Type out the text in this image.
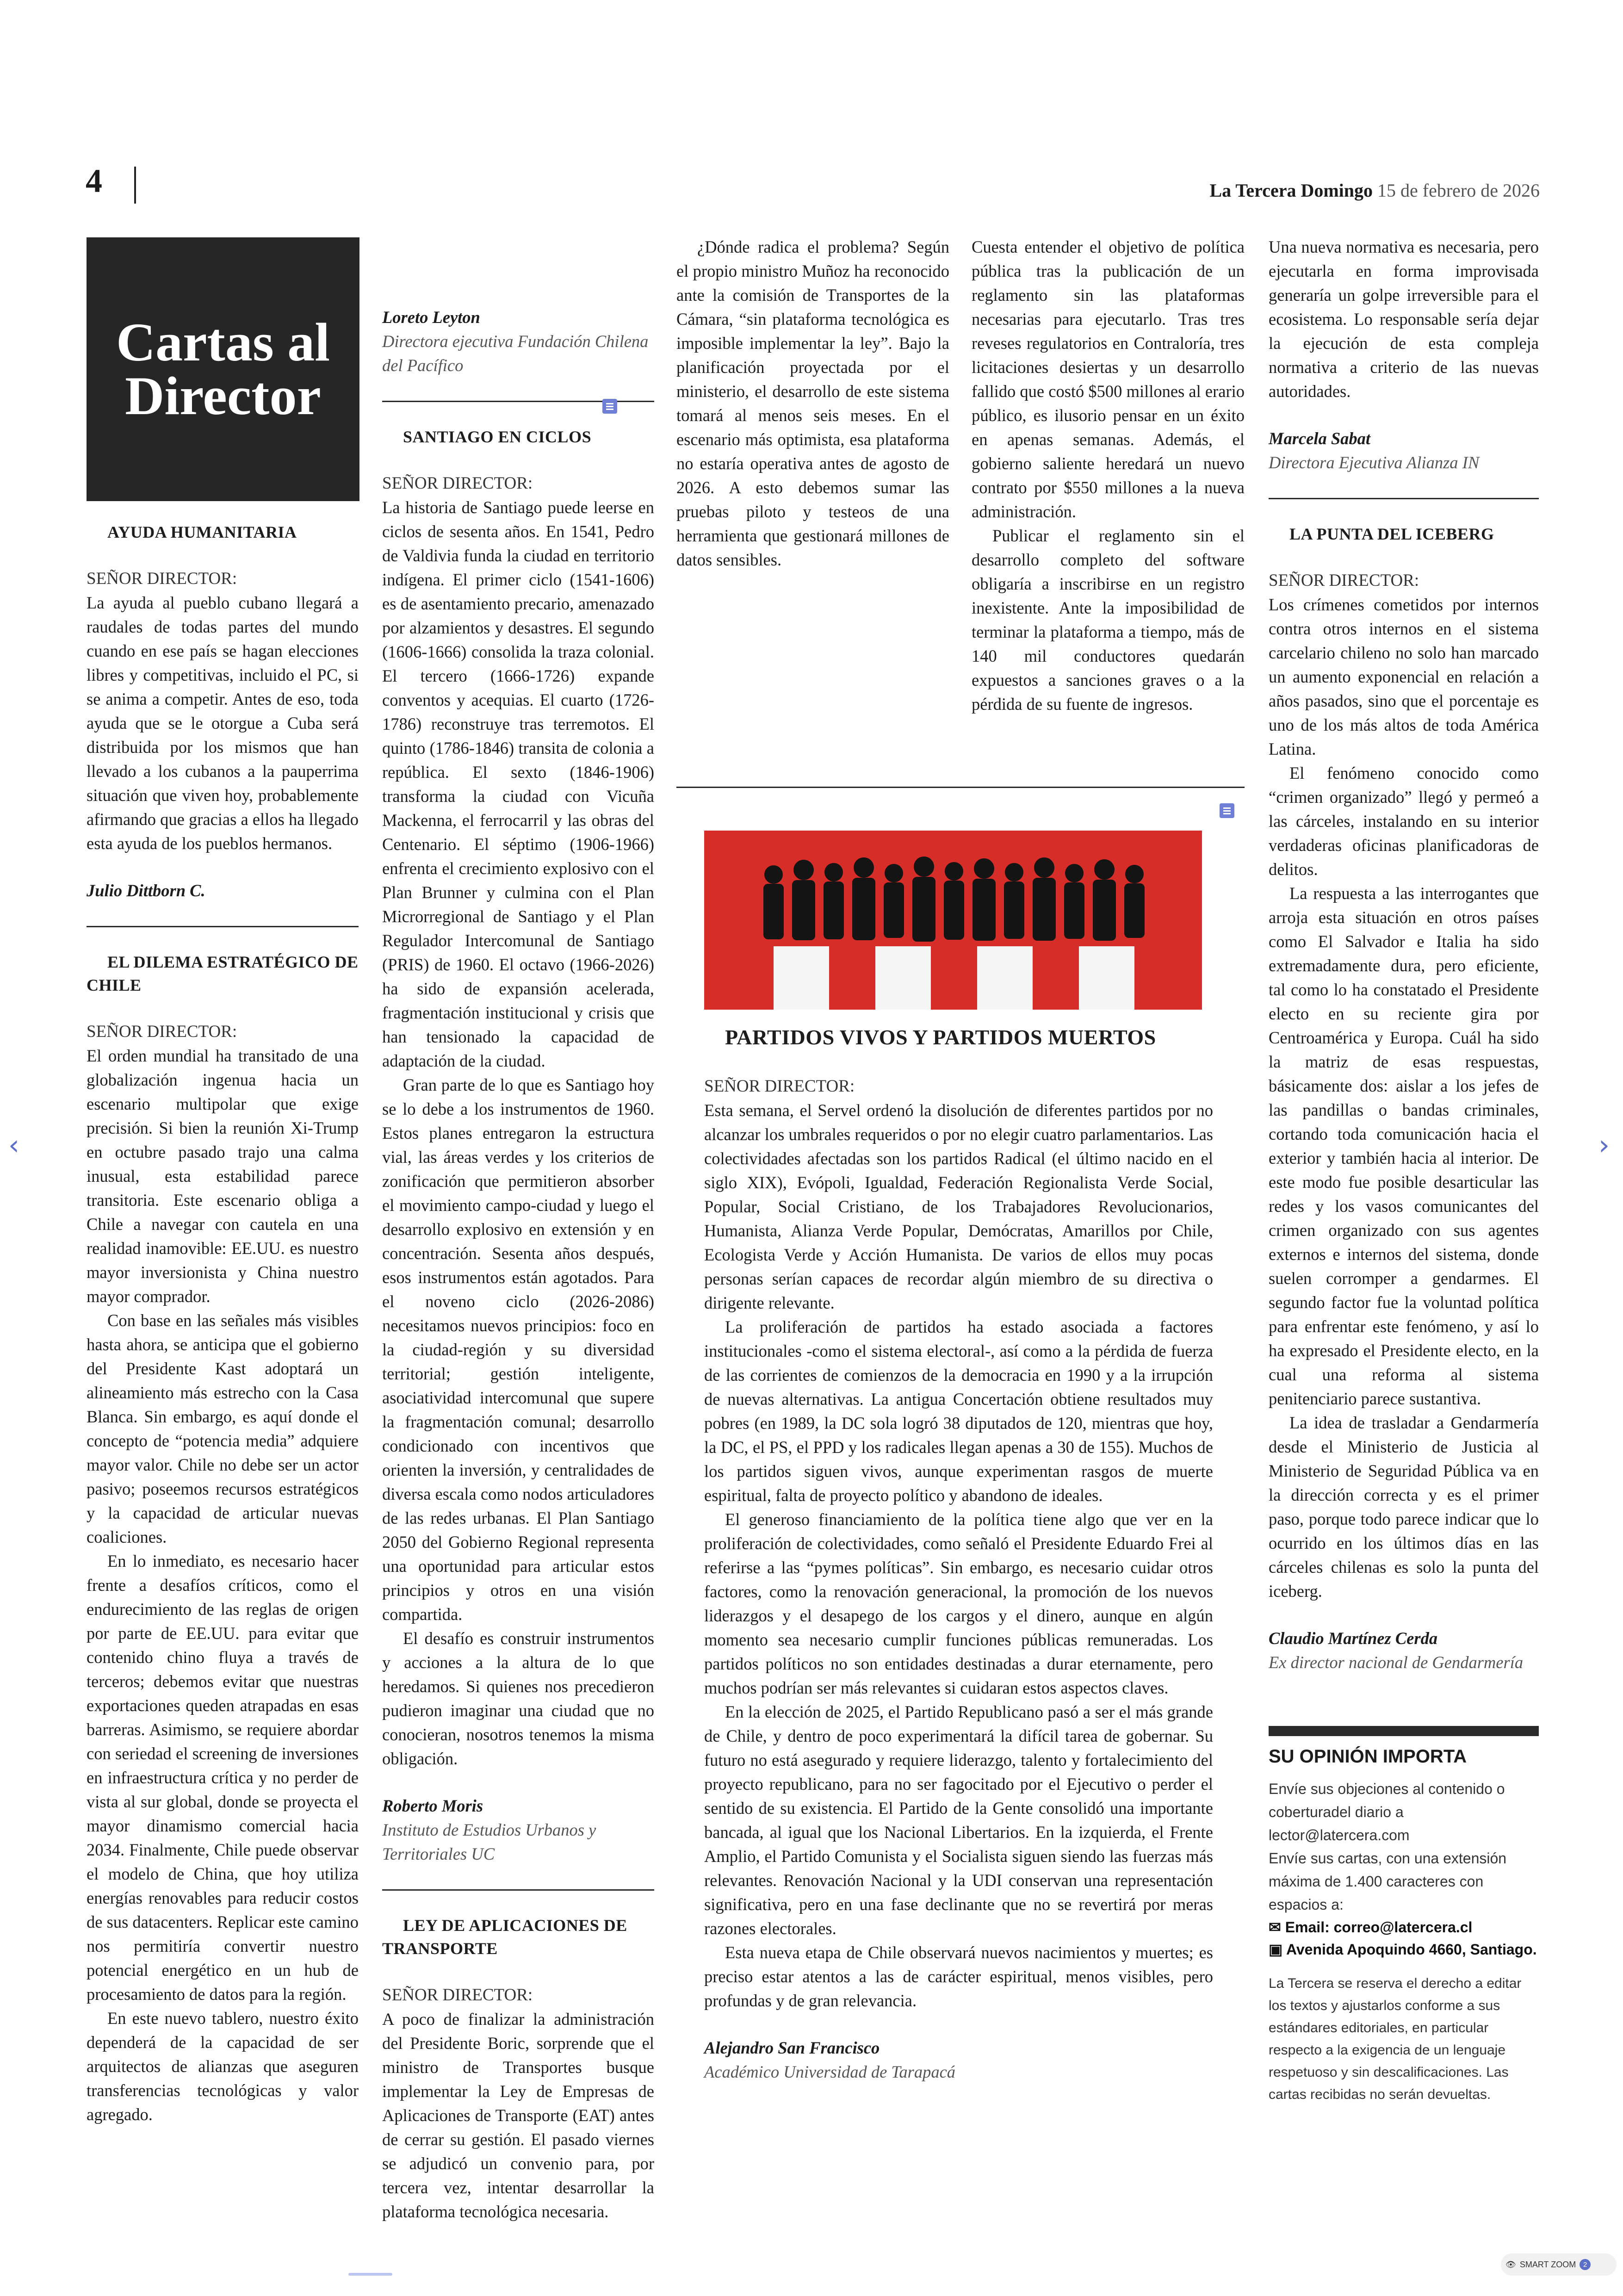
4	La Tercera Domingo 15 de febrero de 2026
Cartas al
Director

AYUDA HUMANITARIA

SEÑOR DIRECTOR:

La ayuda al pueblo cubano llegará a raudales de todas partes del mundo cuando en ese país se hagan elecciones libres y competitivas, incluido el PC, si se anima a competir. Antes de eso, toda ayuda que se le otorgue a Cuba será distribuida por los mismos que han llevado a los cubanos a la pauperrima situación que viven hoy, probablemente afirmando que gracias a ellos ha llegado esta ayuda de los pueblos hermanos.

Julio Dittborn C.

EL DILEMA ESTRATÉGICO DE CHILE

SEÑOR DIRECTOR:

El orden mundial ha transitado de una globalización ingenua hacia un escenario multipolar que exige precisión. Si bien la reunión Xi-Trump en octubre pasado trajo una calma inusual, esta estabilidad parece transitoria. Este escenario obliga a Chile a navegar con cautela en una realidad inamovible: EE.UU. es nuestro mayor inversionista y China nuestro mayor comprador.

Con base en las señales más visibles hasta ahora, se anticipa que el gobierno del Presidente Kast adoptará un alineamiento más estrecho con la Casa Blanca. Sin embargo, es aquí donde el concepto de “potencia media” adquiere mayor valor. Chile no debe ser un actor pasivo; poseemos recursos estratégicos y la capacidad de articular nuevas coaliciones.

En lo inmediato, es necesario hacer frente a desafíos críticos, como el endurecimiento de las reglas de origen por parte de EE.UU. para evitar que contenido chino fluya a través de terceros; debemos evitar que nuestras exportaciones queden atrapadas en esas barreras. Asimismo, se requiere abordar con seriedad el screening de inversiones en infraestructura crítica y no perder de vista al sur global, donde se proyecta el mayor dinamismo comercial hacia 2034. Finalmente, Chile puede observar el modelo de China, que hoy utiliza energías renovables para reducir costos de sus datacenters. Replicar este camino nos permitiría convertir nuestro potencial energético en un hub de procesamiento de datos para la región.

En este nuevo tablero, nuestro éxito dependerá de la capacidad de ser arquitectos de alianzas que aseguren transferencias tecnológicas y valor agregado.

Loreto Leyton

Directora ejecutiva Fundación Chilena del Pacífico

SANTIAGO EN CICLOS

SEÑOR DIRECTOR:

La historia de Santiago puede leerse en ciclos de sesenta años. En 1541, Pedro de Valdivia funda la ciudad en territorio indígena. El primer ciclo (1541-1606) es de asentamiento precario, amenazado por alzamientos y desastres. El segundo (1606-1666) consolida la traza colonial. El tercero (1666-1726) expande conventos y acequias. El cuarto (1726-1786) reconstruye tras terremotos. El quinto (1786-1846) transita de colonia a república. El sexto (1846-1906) transforma la ciudad con Vicuña Mackenna, el ferrocarril y las obras del Centenario. El séptimo (1906-1966) enfrenta el crecimiento explosivo con el Plan Brunner y culmina con el Plan Microrregional de Santiago y el Plan Regulador Intercomunal de Santiago (PRIS) de 1960. El octavo (1966-2026) ha sido de expansión acelerada, fragmentación institucional y crisis que han tensionado la capacidad de adaptación de la ciudad.

Gran parte de lo que es Santiago hoy se lo debe a los instrumentos de 1960. Estos planes entregaron la estructura vial, las áreas verdes y los criterios de zonificación que permitieron absorber el movimiento campo-ciudad y luego el desarrollo explosivo en extensión y en concentración. Sesenta años después, esos instrumentos están agotados. Para el noveno ciclo (2026-2086) necesitamos nuevos principios: foco en la ciudad-región y su diversidad territorial; gestión inteligente, asociatividad intercomunal que supere la fragmentación comunal; desarrollo condicionado con incentivos que orienten la inversión, y centralidades de diversa escala como nodos articuladores de las redes urbanas. El Plan Santiago 2050 del Gobierno Regional representa una oportunidad para articular estos principios y otros en una visión compartida.

El desafío es construir instrumentos y acciones a la altura de lo que heredamos. Si quienes nos precedieron pudieron imaginar una ciudad que no conocieran, nosotros tenemos la misma obligación.

Roberto Moris

Instituto de Estudios Urbanos y Territoriales UC

LEY DE APLICACIONES DE TRANSPORTE

SEÑOR DIRECTOR:

A poco de finalizar la administración del Presidente Boric, sorprende que el ministro de Transportes busque implementar la Ley de Empresas de Aplicaciones de Transporte (EAT) antes de cerrar su gestión. El pasado viernes se adjudicó un convenio para, por tercera vez, intentar desarrollar la plataforma tecnológica necesaria.

¿Dónde radica el problema? Según el propio ministro Muñoz ha reconocido ante la comisión de Transportes de la Cámara, “sin plataforma tecnológica es imposible implementar la ley”. Bajo la planificación proyectada por el ministerio, el desarrollo de este sistema tomará al menos seis meses. En el escenario más optimista, esa plataforma no estaría operativa antes de agosto de 2026. A esto debemos sumar las pruebas piloto y testeos de una herramienta que gestionará millones de datos sensibles.

Cuesta entender el objetivo de política pública tras la publicación de un reglamento sin las plataformas necesarias para ejecutarlo. Tras tres reveses regulatorios en Contraloría, tres licitaciones desiertas y un desarrollo fallido que costó $500 millones al erario público, es ilusorio pensar en un éxito en apenas semanas. Además, el gobierno saliente heredará un nuevo contrato por $550 millones a la nueva administración.

Publicar el reglamento sin el desarrollo completo del software obligaría a inscribirse en un registro inexistente. Ante la imposibilidad de terminar la plataforma a tiempo, más de 140 mil conductores quedarán expuestos a sanciones graves o a la pérdida de su fuente de ingresos.

PARTIDOS VIVOS Y PARTIDOS MUERTOS

SEÑOR DIRECTOR:

Esta semana, el Servel ordenó la disolución de diferentes partidos por no alcanzar los umbrales requeridos o por no elegir cuatro parlamentarios. Las colectividades afectadas son los partidos Radical (el último nacido en el siglo XIX), Evópoli, Igualdad, Federación Regionalista Verde Social, Popular, Social Cristiano, de los Trabajadores Revolucionarios, Humanista, Alianza Verde Popular, Demócratas, Amarillos por Chile, Ecologista Verde y Acción Humanista. De varios de ellos muy pocas personas serían capaces de recordar algún miembro de su directiva o dirigente relevante.

La proliferación de partidos ha estado asociada a factores institucionales -como el sistema electoral-, así como a la pérdida de fuerza de las corrientes de comienzos de la democracia en 1990 y a la irrupción de nuevas alternativas. La antigua Concertación obtiene resultados muy pobres (en 1989, la DC sola logró 38 diputados de 120, mientras que hoy, la DC, el PS, el PPD y los radicales llegan apenas a 30 de 155). Muchos de los partidos siguen vivos, aunque experimentan rasgos de muerte espiritual, falta de proyecto político y abandono de ideales.

El generoso financiamiento de la política tiene algo que ver en la proliferación de colectividades, como señaló el Presidente Eduardo Frei al referirse a las “pymes políticas”. Sin embargo, es necesario cuidar otros factores, como la renovación generacional, la promoción de los nuevos liderazgos y el desapego de los cargos y el dinero, aunque en algún momento sea necesario cumplir funciones públicas remuneradas. Los partidos políticos no son entidades destinadas a durar eternamente, pero muchos podrían ser más relevantes si cuidaran estos aspectos claves.

En la elección de 2025, el Partido Republicano pasó a ser el más grande de Chile, y dentro de poco experimentará la difícil tarea de gobernar. Su futuro no está asegurado y requiere liderazgo, talento y fortalecimiento del proyecto republicano, para no ser fagocitado por el Ejecutivo o perder el sentido de su existencia. El Partido de la Gente consolidó una importante bancada, al igual que los Nacional Libertarios. En la izquierda, el Frente Amplio, el Partido Comunista y el Socialista siguen siendo las fuerzas más relevantes. Renovación Nacional y la UDI conservan una representación significativa, pero en una fase declinante que no se revertirá por meras razones electorales.

Esta nueva etapa de Chile observará nuevos nacimientos y muertes; es preciso estar atentos a las de carácter espiritual, menos visibles, pero profundas y de gran relevancia.

Alejandro San Francisco

Académico Universidad de Tarapacá

Una nueva normativa es necesaria, pero ejecutarla en forma improvisada generaría un golpe irreversible para el ecosistema. Lo responsable sería dejar la ejecución de esta compleja normativa a criterio de las nuevas autoridades.

Marcela Sabat

Directora Ejecutiva Alianza IN

LA PUNTA DEL ICEBERG

SEÑOR DIRECTOR:

Los crímenes cometidos por internos contra otros internos en el sistema carcelario chileno no solo han marcado un aumento exponencial en relación a años pasados, sino que el porcentaje es uno de los más altos de toda América Latina.

El fenómeno conocido como “crimen organizado” llegó y permeó a las cárceles, instalando en su interior verdaderas oficinas planificadoras de delitos.

La respuesta a las interrogantes que arroja esta situación en otros países como El Salvador e Italia ha sido extremadamente dura, pero eficiente, tal como lo ha constatado el Presidente electo en su reciente gira por Centroamérica y Europa. Cuál ha sido la matriz de esas respuestas, básicamente dos: aislar a los jefes de las pandillas o bandas criminales, cortando toda comunicación hacia el exterior y también hacia al interior. De este modo fue posible desarticular las redes y los vasos comunicantes del crimen organizado con sus agentes externos e internos del sistema, donde suelen corromper a gendarmes. El segundo factor fue la voluntad política para enfrentar este fenómeno, y así lo ha expresado el Presidente electo, en la cual una reforma al sistema penitenciario parece sustantiva.

La idea de trasladar a Gendarmería desde el Ministerio de Justicia al Ministerio de Seguridad Pública va en la dirección correcta y es el primer paso, porque todo parece indicar que lo ocurrido en los últimos días en las cárceles chilenas es solo la punta del iceberg.

Claudio Martínez Cerda

Ex director nacional de Gendarmería

SU OPINIÓN IMPORTA

Envíe sus objeciones al contenido o coberturadel diario a lector@latercera.com

Envíe sus cartas, con una extensión máxima de 1.400 caracteres con espacios a:

✉ Email: correo@latercera.cl

▣ Avenida Apoquindo 4660, Santiago.

La Tercera se reserva el derecho a editar los textos y ajustarlos conforme a sus estándares editoriales, en particular respecto a la exigencia de un lenguaje respetuoso y sin descalificaciones. Las cartas recibidas no serán devueltas.

‹	›
👁 SMART ZOOM	2
